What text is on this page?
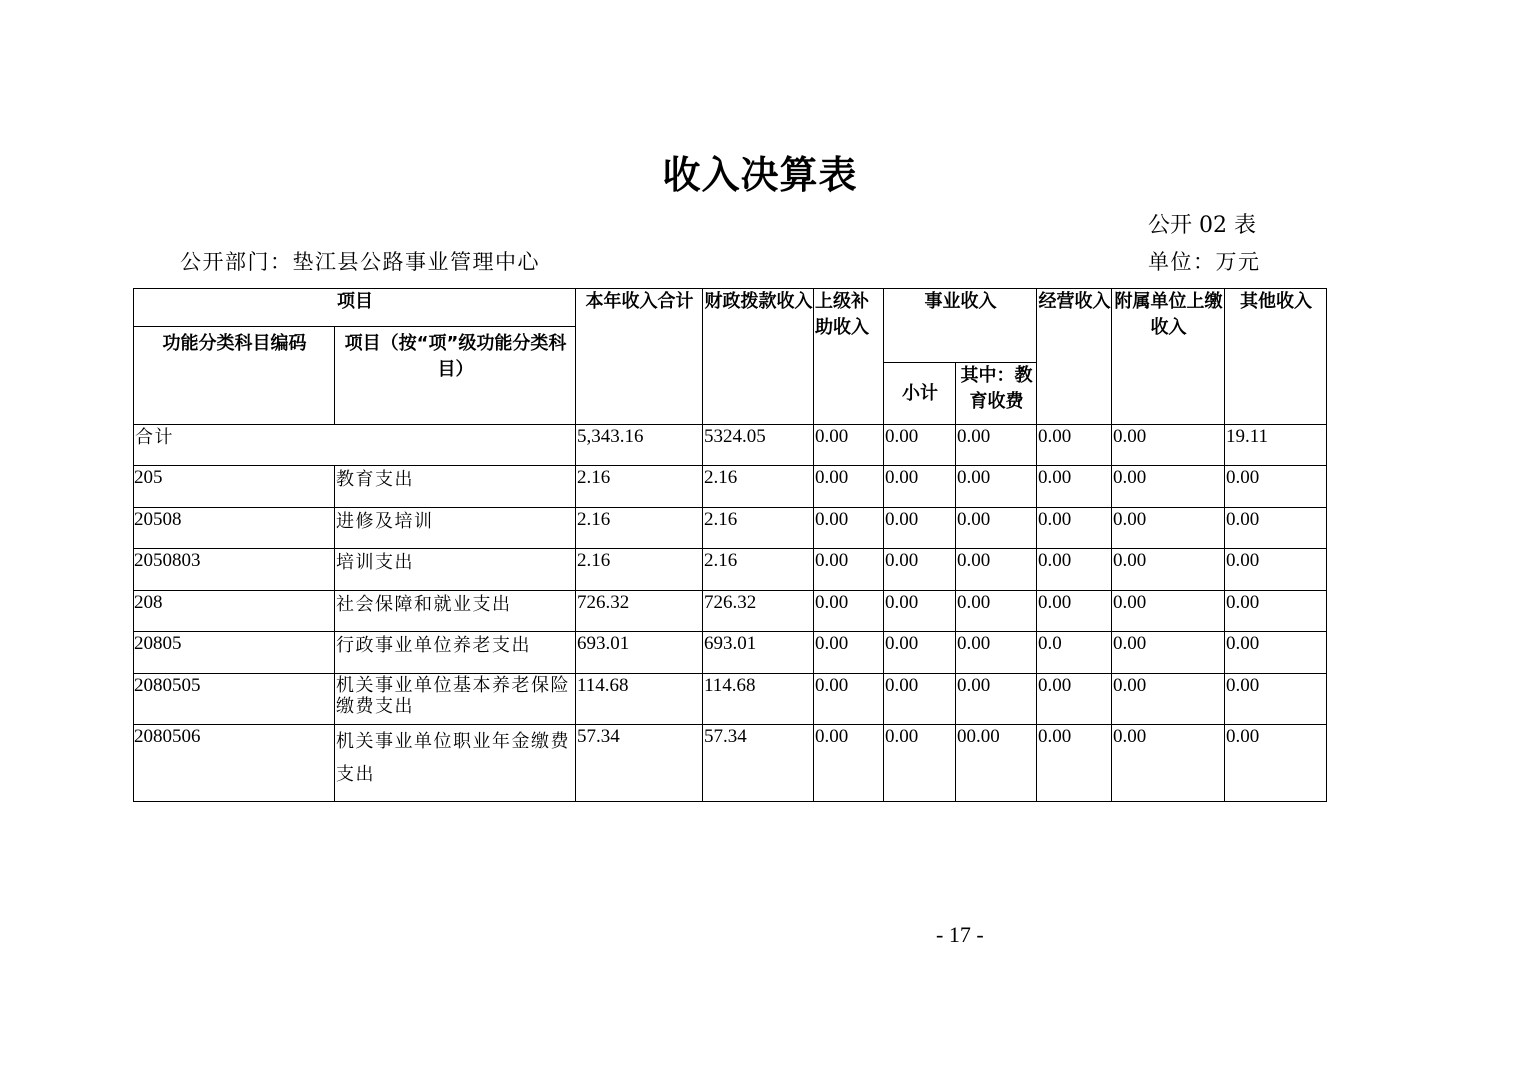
收入决算表
公开 02 表
公开部门：垫江县公路事业管理中心	单位：万元
项目		本年收入合计	财政拨款收入	上级补助收入	事业收入		经营收入	附属单位上缴收入	其他收入
功能分类科目编码	项目（按“项”级功能分类科目）								
					小计	其中：教育收费			
合计		5,343.16	5324.05	0.00	0.00	0.00	0.00	0.00	19.11
205	教育支出	2.16	2.16	0.00	0.00	0.00	0.00	0.00	0.00
20508	进修及培训	2.16	2.16	0.00	0.00	0.00	0.00	0.00	0.00
2050803	培训支出	2.16	2.16	0.00	0.00	0.00	0.00	0.00	0.00
208	社会保障和就业支出	726.32	726.32	0.00	0.00	0.00	0.00	0.00	0.00
20805	行政事业单位养老支出	693.01	693.01	0.00	0.00	0.00	0.0	0.00	0.00
2080505	机关事业单位基本养老保险缴费支出	114.68	114.68	0.00	0.00	0.00	0.00	0.00	0.00
2080506	机关事业单位职业年金缴费支出	57.34	57.34	0.00	0.00	00.00	0.00	0.00	0.00
- 17 -
